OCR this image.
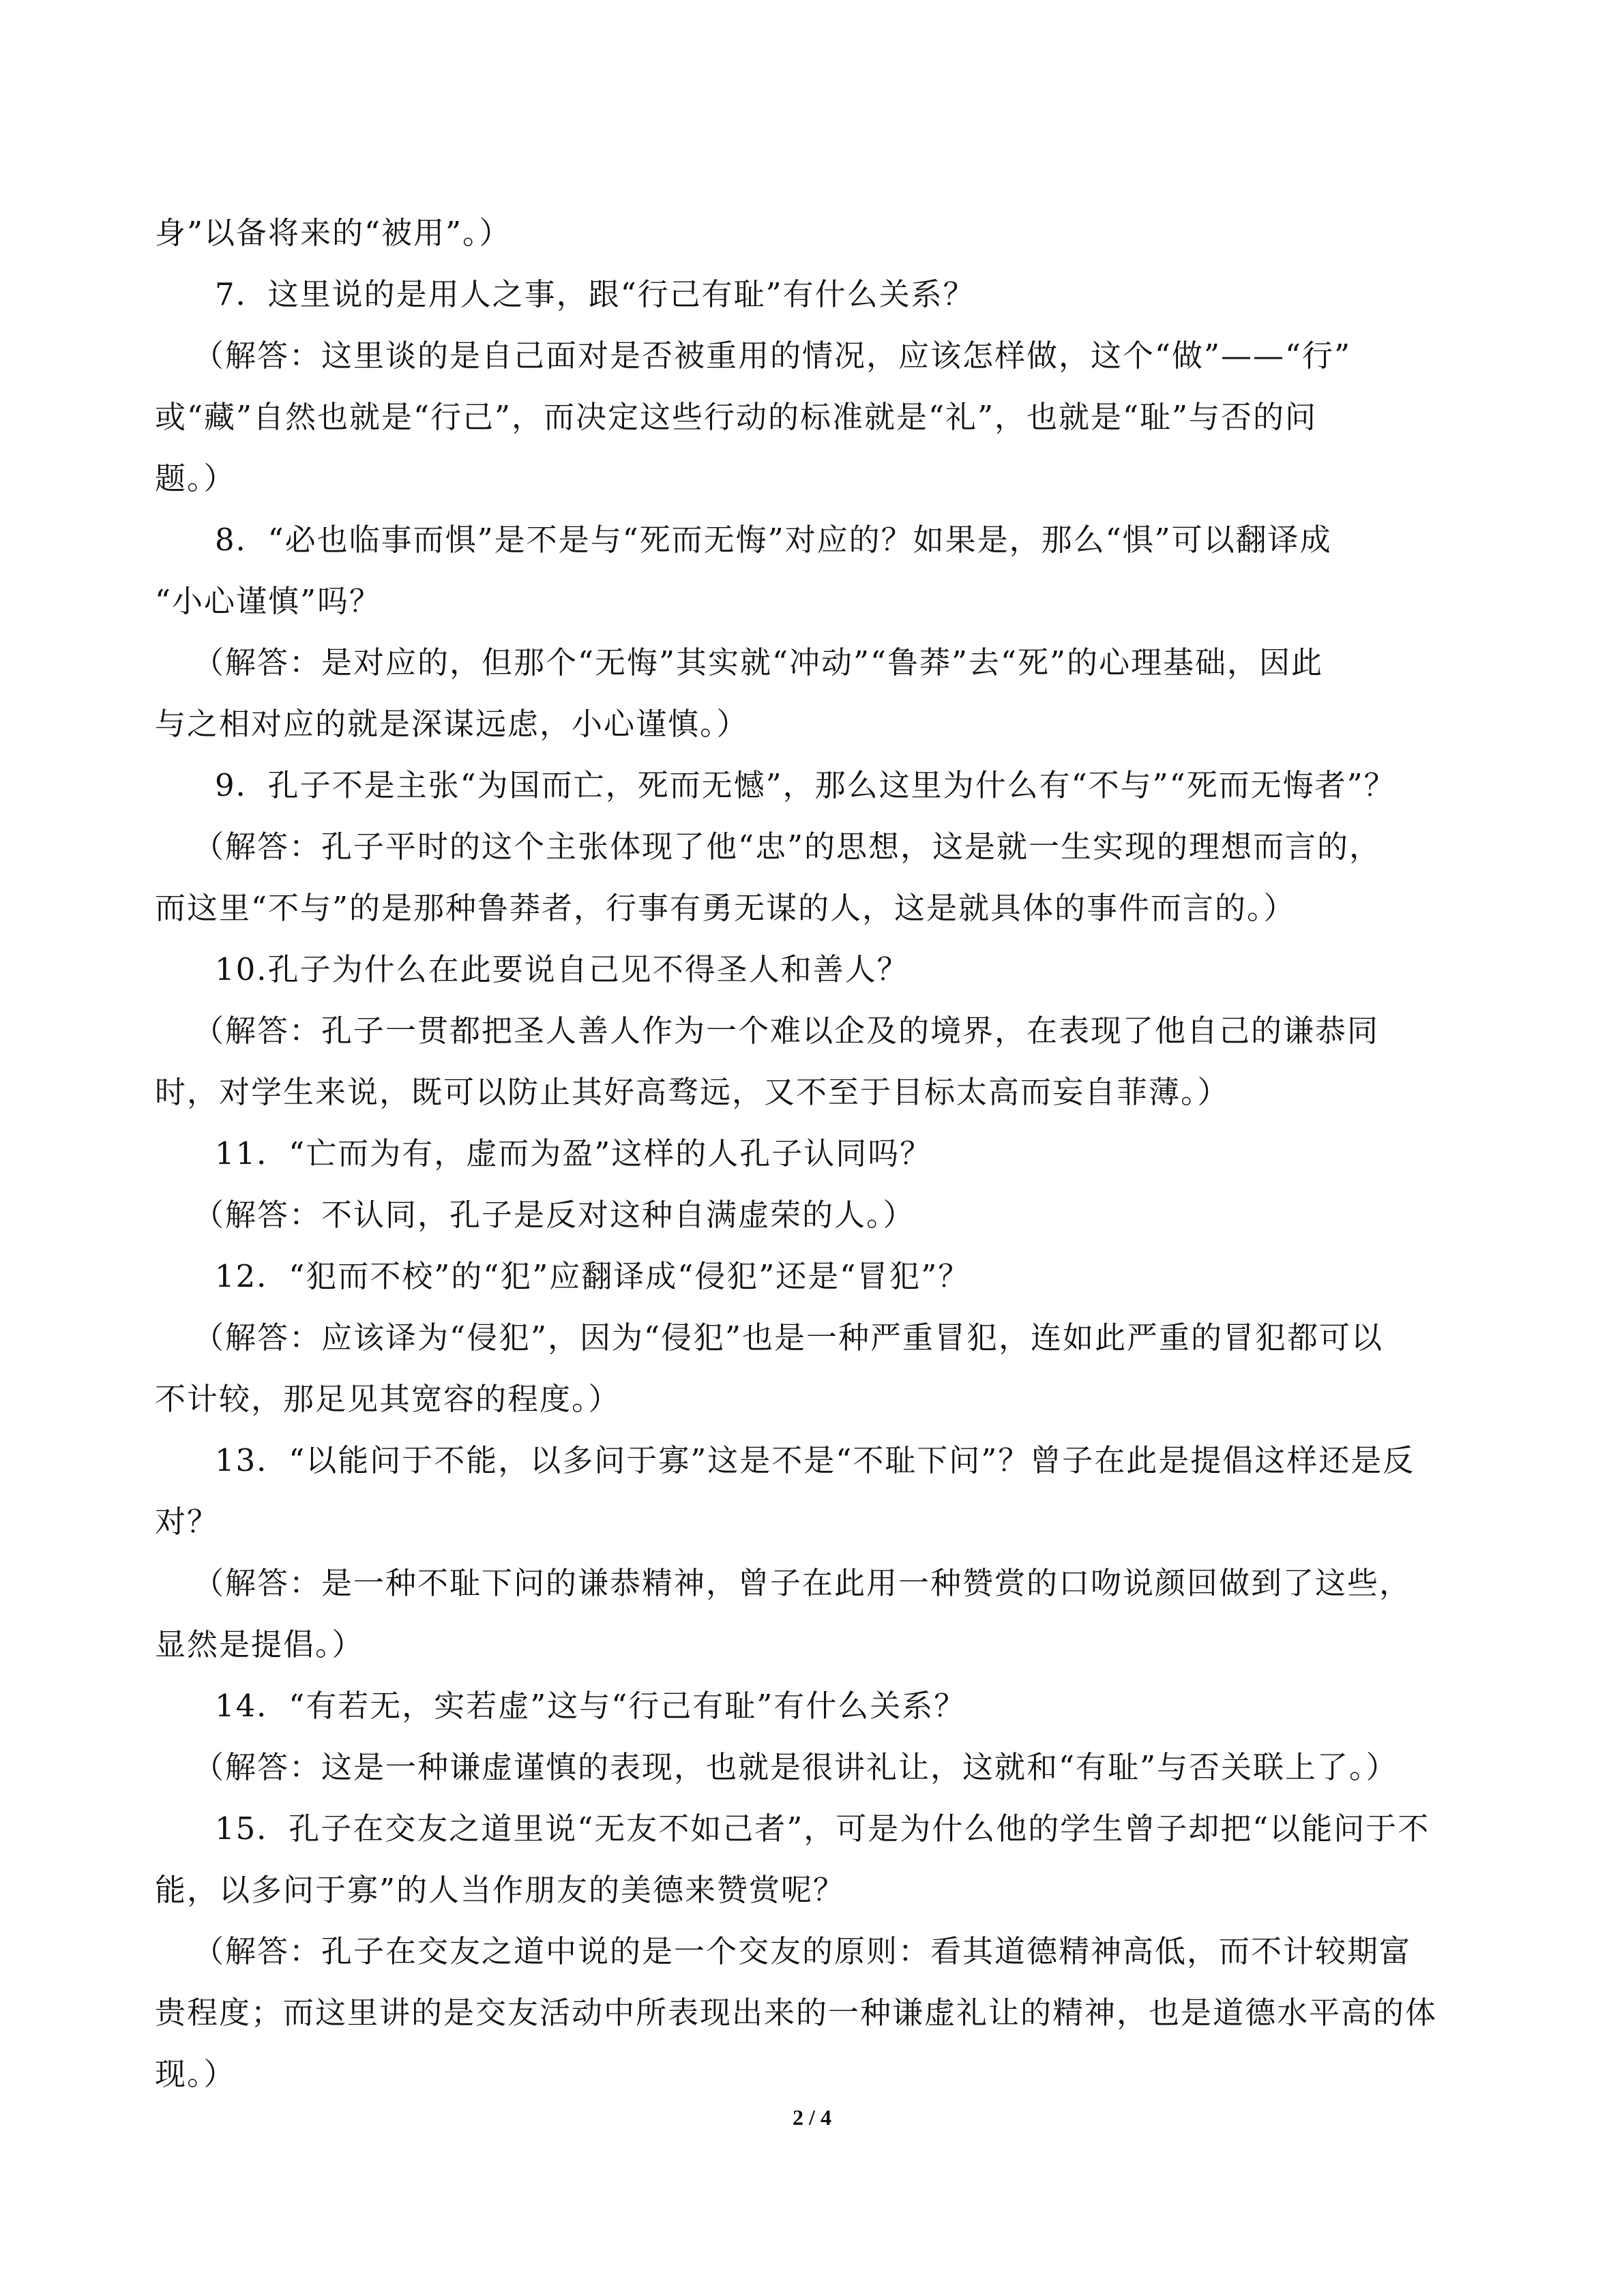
身”以备将来的“被用”。）
7．这里说的是用人之事，跟“行己有耻”有什么关系？
（解答：这里谈的是自己面对是否被重用的情况，应该怎样做，这个“做”——“行”
或“藏”自然也就是“行己”，而决定这些行动的标准就是“礼”，也就是“耻”与否的问
题。）
8．“必也临事而惧”是不是与“死而无悔”对应的？如果是，那么“惧”可以翻译成
“小心谨慎”吗？
（解答：是对应的，但那个“无悔”其实就“冲动”“鲁莽”去“死”的心理基础，因此
与之相对应的就是深谋远虑，小心谨慎。）
9．孔子不是主张“为国而亡，死而无憾”，那么这里为什么有“不与”“死而无悔者”？
（解答：孔子平时的这个主张体现了他“忠”的思想，这是就一生实现的理想而言的，
而这里“不与”的是那种鲁莽者，行事有勇无谋的人，这是就具体的事件而言的。）
10.孔子为什么在此要说自己见不得圣人和善人？
（解答：孔子一贯都把圣人善人作为一个难以企及的境界，在表现了他自己的谦恭同
时，对学生来说，既可以防止其好高骛远，又不至于目标太高而妄自菲薄。）
11．“亡而为有，虚而为盈”这样的人孔子认同吗？
（解答：不认同，孔子是反对这种自满虚荣的人。）
12．“犯而不校”的“犯”应翻译成“侵犯”还是“冒犯”？
（解答：应该译为“侵犯”，因为“侵犯”也是一种严重冒犯，连如此严重的冒犯都可以
不计较，那足见其宽容的程度。）
13．“以能问于不能，以多问于寡”这是不是“不耻下问”？曾子在此是提倡这样还是反
对？
（解答：是一种不耻下问的谦恭精神，曾子在此用一种赞赏的口吻说颜回做到了这些，
显然是提倡。）
14．“有若无，实若虚”这与“行己有耻”有什么关系？
（解答：这是一种谦虚谨慎的表现，也就是很讲礼让，这就和“有耻”与否关联上了。）
15．孔子在交友之道里说“无友不如己者”，可是为什么他的学生曾子却把“以能问于不
能，以多问于寡”的人当作朋友的美德来赞赏呢？
（解答：孔子在交友之道中说的是一个交友的原则：看其道德精神高低，而不计较期富
贵程度；而这里讲的是交友活动中所表现出来的一种谦虚礼让的精神，也是道德水平高的体
现。）
2 / 4
